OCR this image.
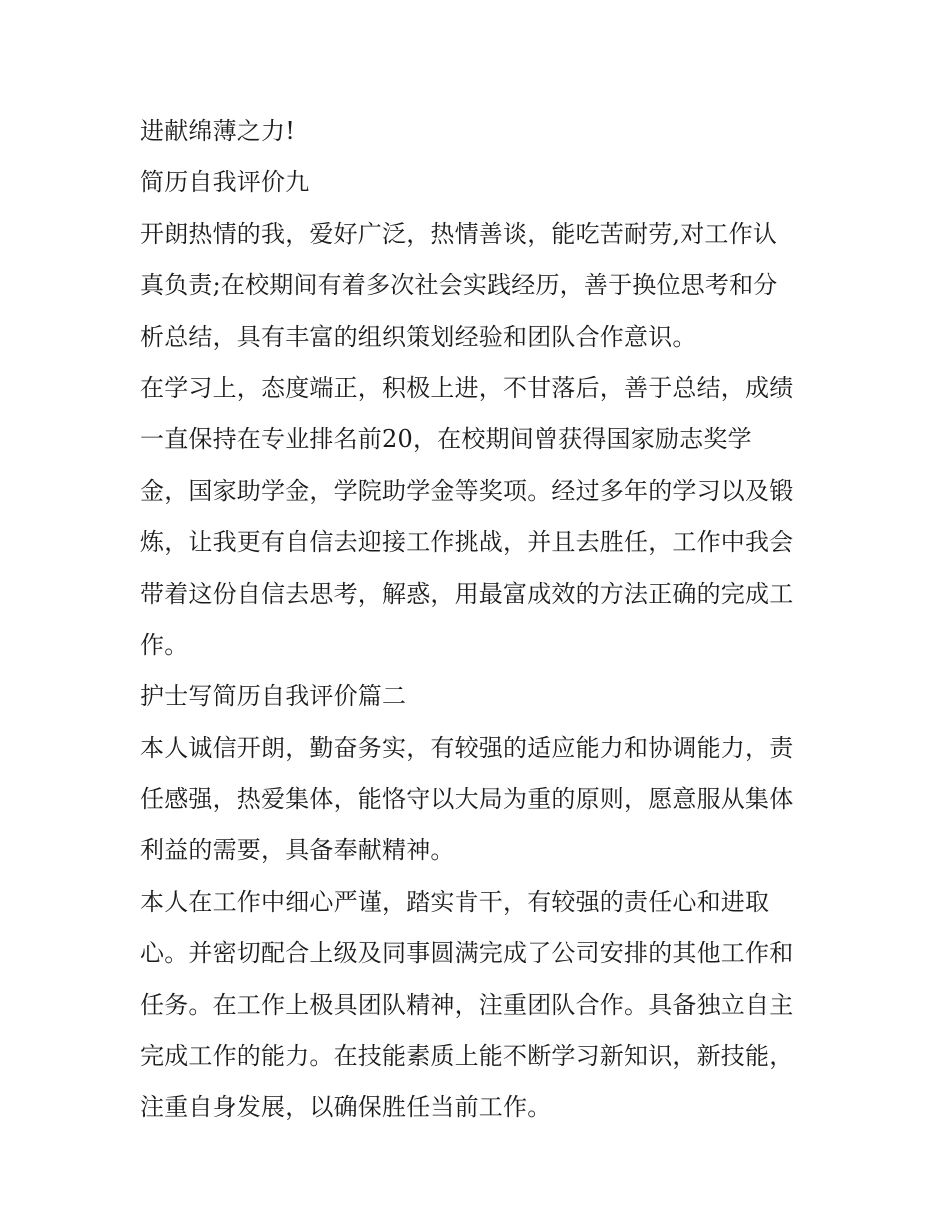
进献绵薄之力!
简历自我评价九
开朗热情的我，爱好广泛，热情善谈，能吃苦耐劳,对工作认
真负责;在校期间有着多次社会实践经历，善于换位思考和分
析总结，具有丰富的组织策划经验和团队合作意识。
在学习上，态度端正，积极上进，不甘落后，善于总结，成绩
一直保持在专业排名前20，在校期间曾获得国家励志奖学
金，国家助学金，学院助学金等奖项。经过多年的学习以及锻
炼，让我更有自信去迎接工作挑战，并且去胜任，工作中我会
带着这份自信去思考，解惑，用最富成效的方法正确的完成工
作。
护士写简历自我评价篇二
本人诚信开朗，勤奋务实，有较强的适应能力和协调能力，责
任感强，热爱集体，能恪守以大局为重的原则，愿意服从集体
利益的需要，具备奉献精神。
本人在工作中细心严谨，踏实肯干，有较强的责任心和进取
心。并密切配合上级及同事圆满完成了公司安排的其他工作和
任务。在工作上极具团队精神，注重团队合作。具备独立自主
完成工作的能力。在技能素质上能不断学习新知识，新技能，
注重自身发展，以确保胜任当前工作。
